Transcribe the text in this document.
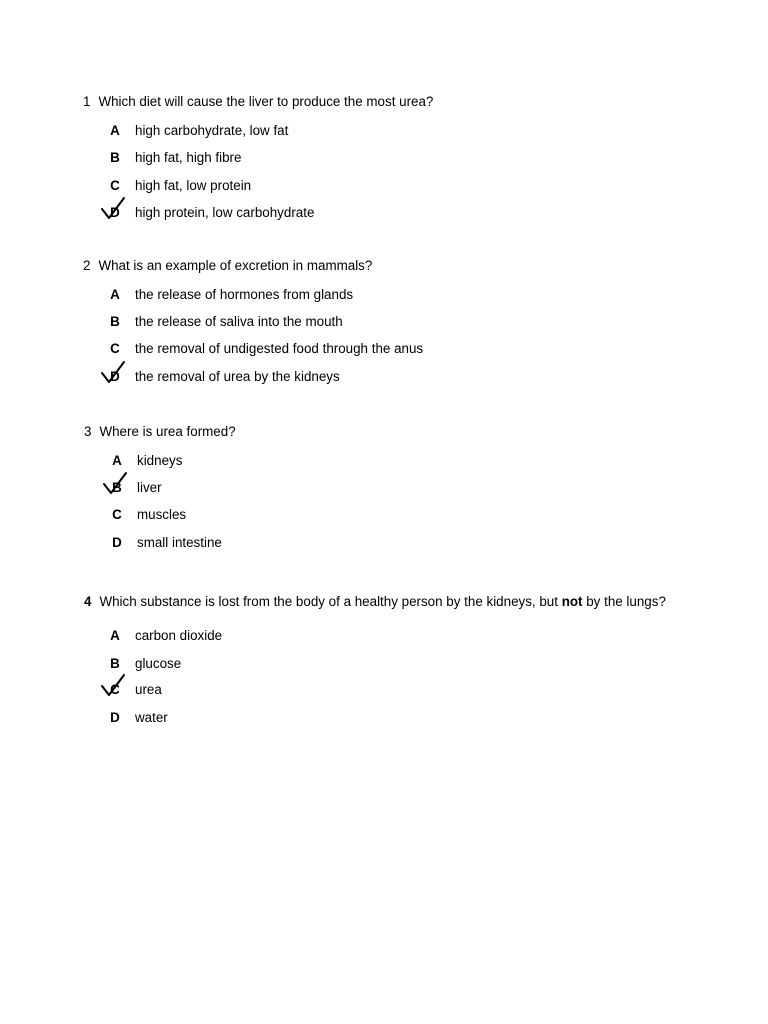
1 Which diet will cause the liver to produce the most urea?
A high carbohydrate, low fat
B high fat, high fibre
C high fat, low protein
D high protein, low carbohydrate
2 What is an example of excretion in mammals?
A the release of hormones from glands
B the release of saliva into the mouth
C the removal of undigested food through the anus
D the removal of urea by the kidneys
3 Where is urea formed?
A kidneys
B liver
C muscles
D small intestine
4 Which substance is lost from the body of a healthy person by the kidneys, but not by the lungs?
A carbon dioxide
B glucose
C urea
D water
